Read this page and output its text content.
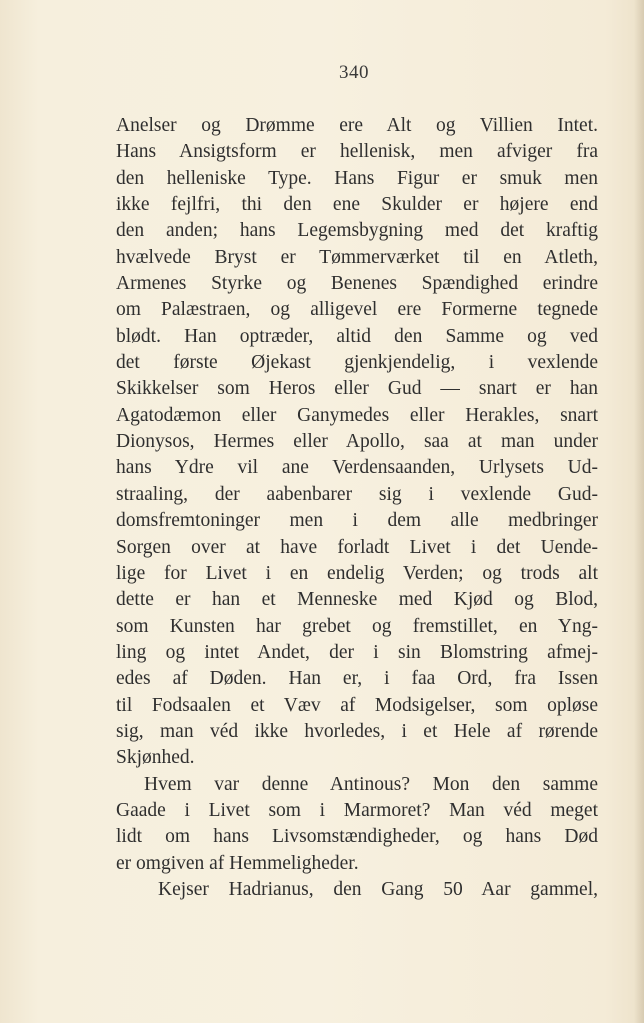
340
Anelser og Drømme ere Alt og Villien Intet.
Hans Ansigtsform er hellenisk, men afviger fra
den helleniske Type. Hans Figur er smuk men
ikke fejlfri, thi den ene Skulder er højere end
den anden; hans Legemsbygning med det kraftig
hvælvede Bryst er Tømmerværket til en Atleth,
Armenes Styrke og Benenes Spændighed erindre
om Palæstraen, og alligevel ere Formerne tegnede
blødt. Han optræder, altid den Samme og ved
det første Øjekast gjenkjendelig, i vexlende
Skikkelser som Heros eller Gud — snart er han
Agatodæmon eller Ganymedes eller Herakles, snart
Dionysos, Hermes eller Apollo, saa at man under
hans Ydre vil ane Verdensaanden, Urlysets Ud-
straaling, der aabenbarer sig i vexlende Gud-
domsfremtoninger men i dem alle medbringer
Sorgen over at have forladt Livet i det Uende-
lige for Livet i en endelig Verden; og trods alt
dette er han et Menneske med Kjød og Blod,
som Kunsten har grebet og fremstillet, en Yng-
ling og intet Andet, der i sin Blomstring afmej-
edes af Døden. Han er, i faa Ord, fra Issen
til Fodsaalen et Væv af Modsigelser, som opløse
sig, man véd ikke hvorledes, i et Hele af rørende
Skjønhed.
Hvem var denne Antinous? Mon den samme
Gaade i Livet som i Marmoret? Man véd meget
lidt om hans Livsomstændigheder, og hans Død
er omgiven af Hemmeligheder.
Kejser Hadrianus, den Gang 50 Aar gammel,
